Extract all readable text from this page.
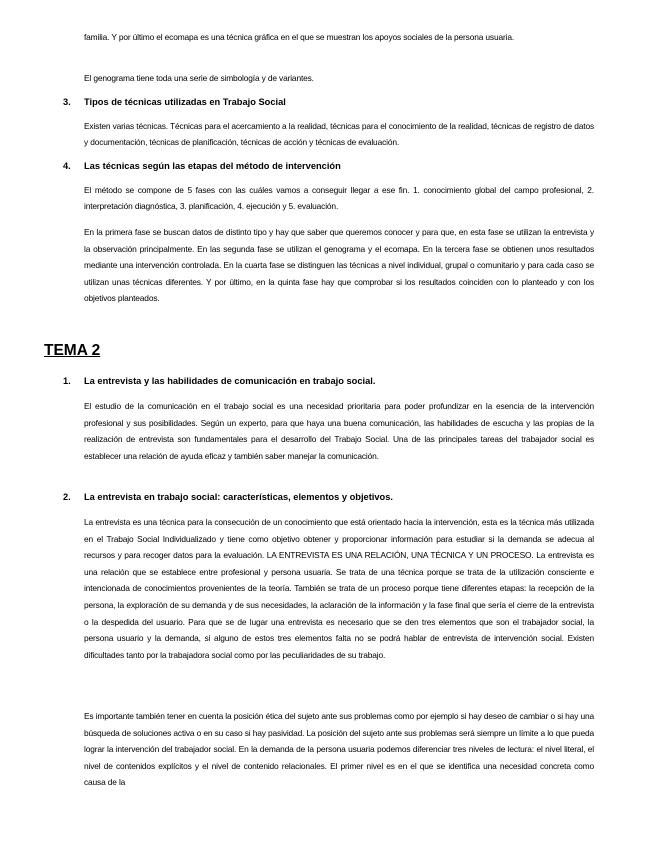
familia. Y por último el ecomapa es una técnica gráfica en el que se muestran los apoyos sociales de la persona usuaria.

El genograma tiene toda una serie de simbología y de variantes.

3. Tipos de técnicas utilizadas en Trabajo Social

Existen varias técnicas. Técnicas para el acercamiento a la realidad, técnicas para el conocimiento de la realidad, técnicas de registro de datos y documentación, técnicas de planificación, técnicas de acción y técnicas de evaluación.

4. Las técnicas según las etapas del método de intervención

El método se compone de 5 fases con las cuáles vamos a conseguir llegar a ese fin. 1. conocimiento global del campo profesional, 2. interpretación diagnóstica, 3. planificación, 4. ejecución y 5. evaluación.

En la primera fase se buscan datos de distinto tipo y hay que saber que queremos conocer y para que, en esta fase se utilizan la entrevista y la observación principalmente. En las segunda fase se utilizan el genograma y el ecomapa. En la tercera fase se obtienen unos resultados mediante una intervención controlada. En la cuarta fase se distinguen las técnicas a nivel individual, grupal o comunitario y para cada caso se utilizan unas técnicas diferentes. Y por último, en la quinta fase hay que comprobar si los resultados coinciden con lo planteado y con los objetivos planteados.

TEMA 2
1. La entrevista y las habilidades de comunicación en trabajo social.

El estudio de la comunicación en el trabajo social es una necesidad prioritaria para poder profundizar en la esencia de la intervención profesional y sus posibilidades. Según un experto, para que haya una buena comunicación, las habilidades de escucha y las propias de la realización de entrevista son fundamentales para el desarrollo del Trabajo Social. Una de las principales tareas del trabajador social es establecer una relación de ayuda eficaz y también saber manejar la comunicación.

2. La entrevista en trabajo social: características, elementos y objetivos.

La entrevista es una técnica para la consecución de un conocimiento que está orientado hacia la intervención, esta es la técnica más utilizada en el Trabajo Social Individualizado y tiene como objetivo obtener y proporcionar información para estudiar si la demanda se adecua al recursos y para recoger datos para la evaluación. LA ENTREVISTA ES UNA RELACIÓN, UNA TÉCNICA Y UN PROCESO. La entrevista es una relación que se establece entre profesional y persona usuaria. Se trata de una técnica porque se trata de la utilización consciente e intencionada de conocimientos provenientes de la teoría. También se trata de un proceso porque tiene diferentes etapas: la recepción de la persona, la exploración de su demanda y de sus necesidades, la aclaración de la información y la fase final que sería el cierre de la entrevista o la despedida del usuario. Para que se de lugar una entrevista es necesario que se den tres elementos que son el trabajador social, la persona usuario y la demanda, si alguno de estos tres elementos falta no se podrá hablar de entrevista de intervención social. Existen dificultades tanto por la trabajadora social como por las peculiaridades de su trabajo.

Es importante también tener en cuenta la posición ética del sujeto ante sus problemas como por ejemplo si hay deseo de cambiar o si hay una búsqueda de soluciones activa o en su caso si hay pasividad. La posición del sujeto ante sus problemas será siempre un límite a lo que pueda lograr la intervención del trabajador social. En la demanda de la persona usuaria podemos diferenciar tres niveles de lectura: el nivel literal, el nivel de contenidos explícitos y el nivel de contenido relacionales. El primer nivel es en el que se identifica una necesidad concreta como causa de la
